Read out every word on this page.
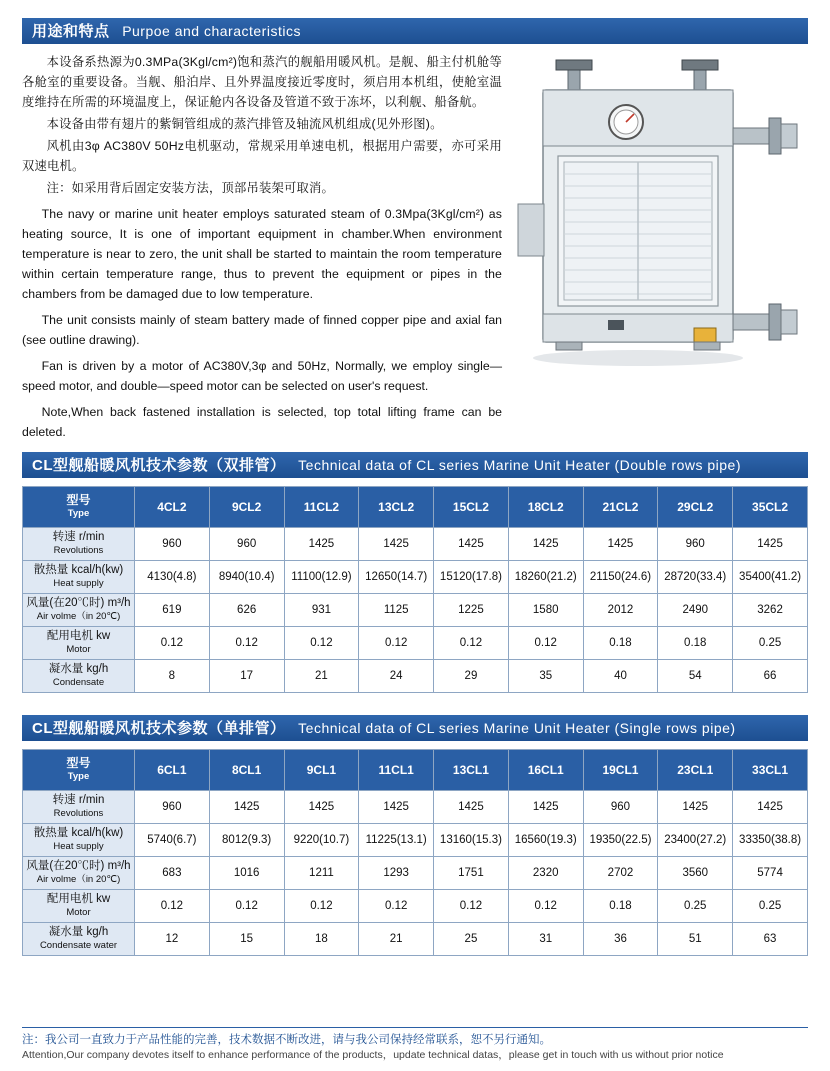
用途和特点 Purpoe and characteristics

本设备系热源为0.3MPa(3Kgl/cm²)饱和蒸汽的舰船用暖风机。是舰、船主付机舱等各舱室的重要设备。当舰、船泊岸、且外界温度接近零度时，须启用本机组，使舱室温度维持在所需的环境温度上，保证舱内各设备及管道不致于冻坏，以利舰、船备航。

本设备由带有翅片的紫铜管组成的蒸汽排管及轴流风机组成(见外形图)。

风机由3φ AC380V 50Hz电机驱动，常规采用单速电机，根据用户需要，亦可采用双速电机。

注：如采用背后固定安装方法，顶部吊装架可取消。

The navy or marine unit heater employs saturated steam of 0.3Mpa(3Kgl/cm²) as heating source, It is one of important equipment in chamber.When environment temperature is near to zero, the unit shall be started to maintain the room temperature within certain temperature range, thus to prevent the equipment or pipes in the chambers from be damaged due to low temperature.

The unit consists mainly of steam battery made of finned copper pipe and axial fan (see outline drawing).

Fan is driven by a motor of AC380V,3φ and 50Hz, Normally, we employ single—speed motor, and double—speed motor can be selected on user's request.

Note,When back fastened installation is selected, top total lifting frame can be deleted.

CL型舰船暖风机技术参数（双排管） Technical data of CL series Marine Unit Heater (Double rows pipe)
型号
Type	4CL2	9CL2	11CL2	13CL2	15CL2	18CL2	21CL2	29CL2	35CL2

转速 r/min
Revolutions	960	960	1425	1425	1425	1425	1425	960	1425

散热量 kcal/h(kw)
Heat supply	4130(4.8)	8940(10.4)	11100(12.9)	12650(14.7)	15120(17.8)	18260(21.2)	21150(24.6)	28720(33.4)	35400(41.2)

风量(在20℃时) m³/h
Air volme（in 20℃)	619	626	931	1125	1225	1580	2012	2490	3262

配用电机 kw
Motor	0.12	0.12	0.12	0.12	0.12	0.12	0.18	0.18	0.25

凝水量 kg/h
Condensate	8	17	21	24	29	35	40	54	66
CL型舰船暖风机技术参数（单排管） Technical data of CL series Marine Unit Heater (Single rows pipe)
型号
Type	6CL1	8CL1	9CL1	11CL1	13CL1	16CL1	19CL1	23CL1	33CL1

转速 r/min
Revolutions	960	1425	1425	1425	1425	1425	960	1425	1425

散热量 kcal/h(kw)
Heat supply	5740(6.7)	8012(9.3)	9220(10.7)	11225(13.1)	13160(15.3)	16560(19.3)	19350(22.5)	23400(27.2)	33350(38.8)

风量(在20℃时) m³/h
Air volme（in 20℃)	683	1016	1211	1293	1751	2320	2702	3560	5774

配用电机 kw
Motor	0.12	0.12	0.12	0.12	0.12	0.12	0.18	0.25	0.25

凝水量 kg/h
Condensate water	12	15	18	21	25	31	36	51	63
注：我公司一直致力于产品性能的完善，技术数据不断改进，请与我公司保持经常联系，恕不另行通知。
Attention,Our company devotes itself to enhance performance of the products，update technical datas，please get in touch with us without prior notice
